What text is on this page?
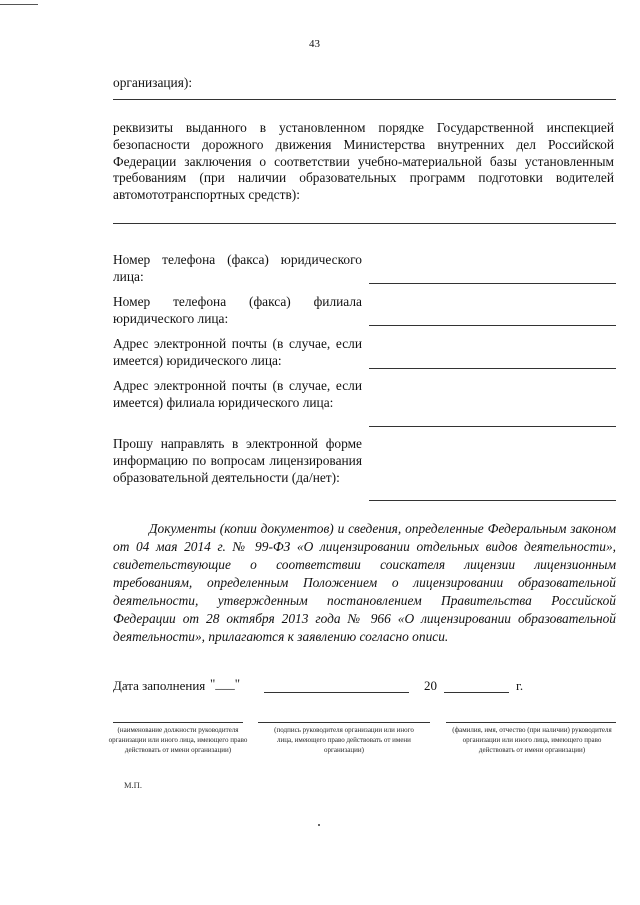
43
организация):
реквизиты выданного в установленном порядке Государственной инспекцией безопасности дорожного движения Министерства внутренних дел Российской Федерации заключения о соответствии учебно-материальной базы установленным требованиям (при наличии образовательных программ подготовки водителей автомототранспортных средств):
Номер телефона (факса) юридического лица:
Номер телефона (факса) филиала юридического лица:
Адрес электронной почты (в случае, если имеется) юридического лица:
Адрес электронной почты (в случае, если имеется) филиала юридического лица:
Прошу направлять в электронной форме информацию по вопросам лицензирования образовательной деятельности (да/нет):
Документы (копии документов) и сведения, определенные Федеральным законом от 04 мая 2014 г. № 99-ФЗ «О лицензировании отдельных видов деятельности», свидетельствующие о соответствии соискателя лицензии лицензионным требованиям, определенным Положением о лицензировании образовательной деятельности, утвержденным постановлением Правительства Российской Федерации от 28 октября 2013 года № 966 «О лицензировании образовательной деятельности», прилагаются к заявлению согласно описи.
Дата заполнения "___"	20	г.
(наименование должности руководителя организации или иного лица, имеющего право действовать от имени организации)
(подпись руководителя организации или иного лица, имеющего право действовать от имени организации)
(фамилия, имя, отчество (при наличии) руководителя организации или иного лица, имеющего право действовать от имени организации)
М.П.
